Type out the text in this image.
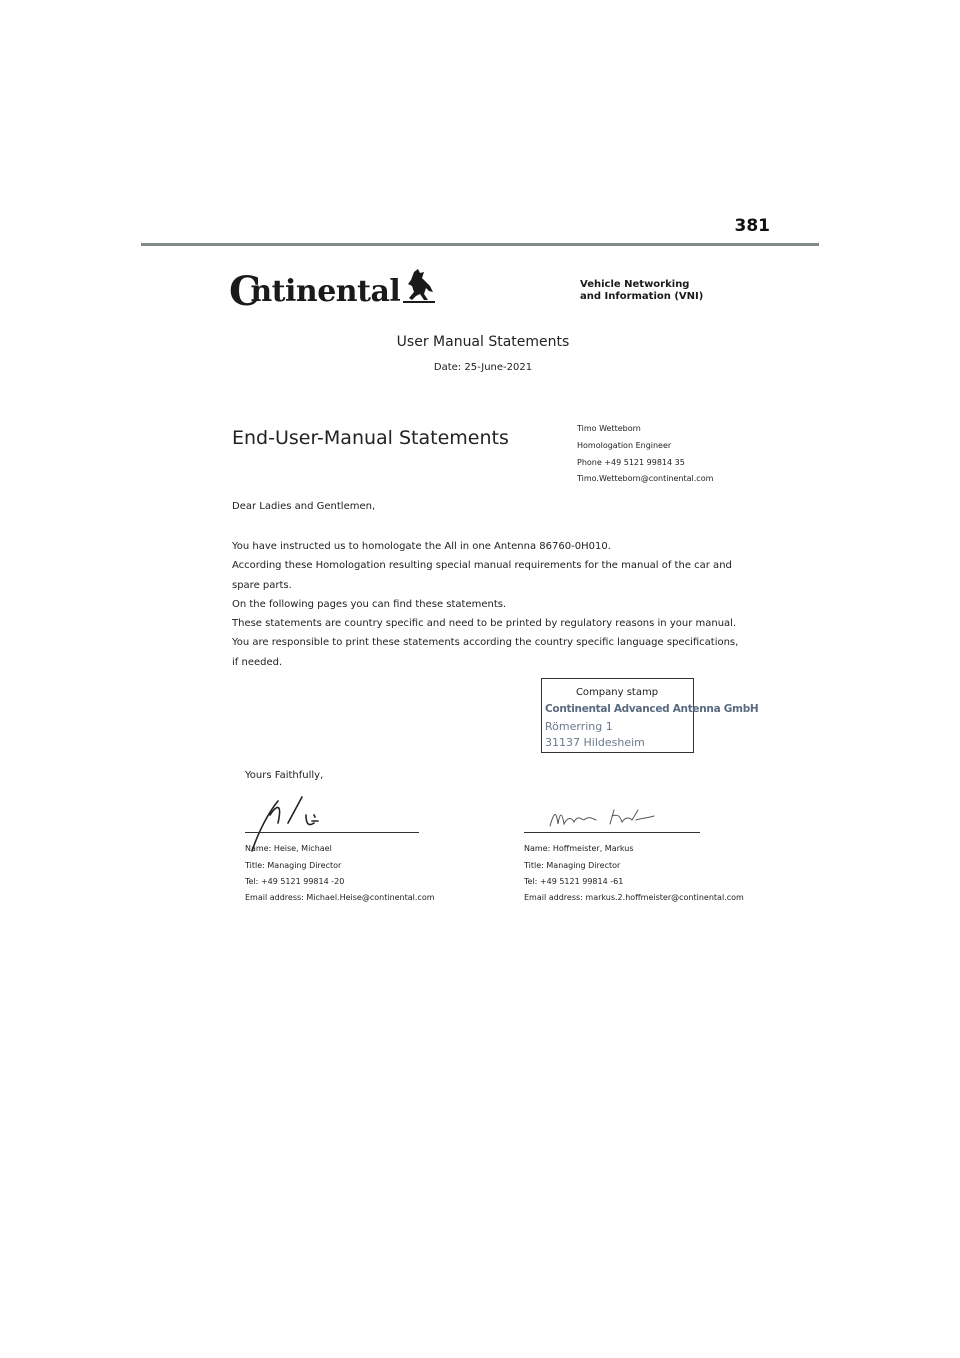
381
Cntinental	Vehicle Networking
and Information (VNI)
User Manual Statements
Date: 25-June-2021
End-User-Manual Statements	Timo Wetteborn
Homologation Engineer
Phone +49 5121 99814 35
Timo.Wetteborn@continental.com
Dear Ladies and Gentlemen,

You have instructed us to homologate the All in one Antenna 86760-0H010.

According these Homologation resulting special manual requirements for the manual of the car and spare parts.

On the following pages you can find these statements.

These statements are country specific and need to be printed by regulatory reasons in your manual.

You are responsible to print these statements according the country specific language specifications, if needed.

Company stamp
Continental Advanced Antenna GmbH
Römerring 1
31137 Hildesheim
Yours Faithfully,
Name: Heise, Michael
Title: Managing Director
Tel: +49 5121 99814 -20
Email address: Michael.Heise@continental.com
Name: Hoffmeister, Markus
Title: Managing Director
Tel: +49 5121 99814 -61
Email address: markus.2.hoffmeister@continental.com
